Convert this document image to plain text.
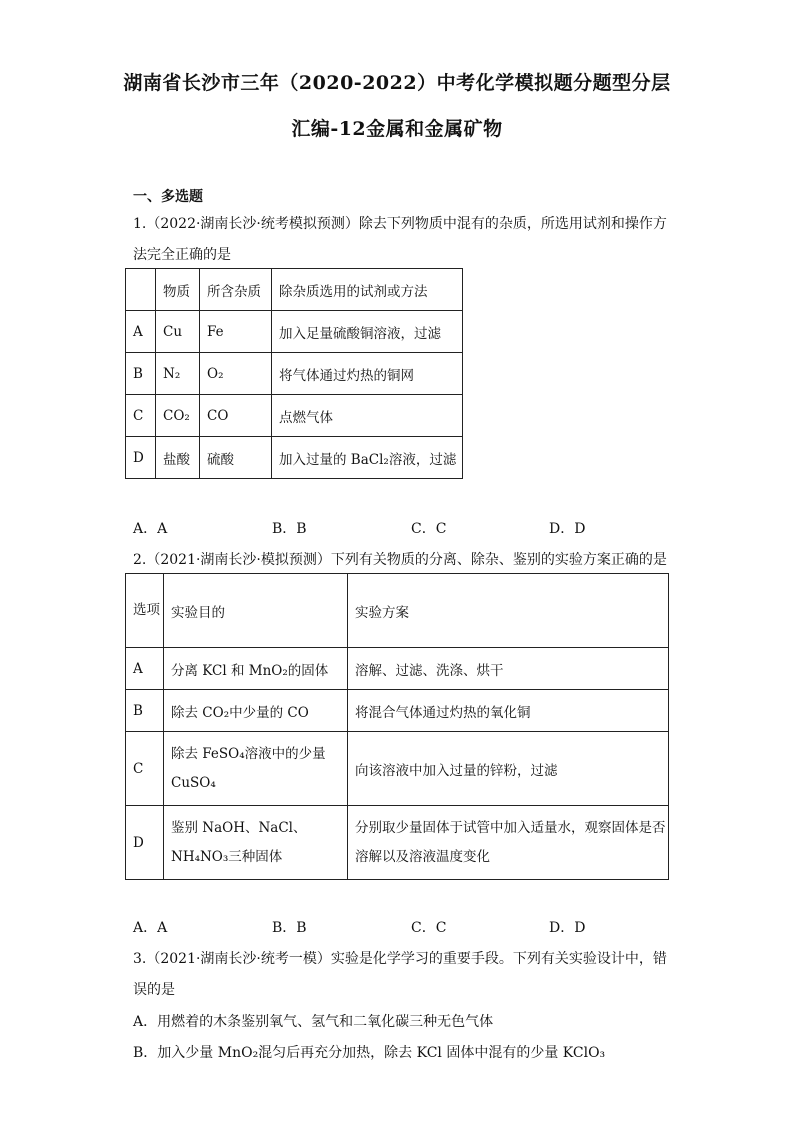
湖南省长沙市三年（2020-2022）中考化学模拟题分题型分层
汇编-12金属和金属矿物
一、多选题
1.（2022·湖南长沙·统考模拟预测）除去下列物质中混有的杂质，所选用试剂和操作方
法完全正确的是
	物质	所含杂质	除杂质选用的试剂或方法
A	Cu	Fe	加入足量硫酸铜溶液，过滤
B	N₂	O₂	将气体通过灼热的铜网
C	CO₂	CO	点燃气体
D	盐酸	硫酸	加入过量的 BaCl₂溶液，过滤
A．A	B．B	C．C	D．D
2.（2021·湖南长沙·模拟预测）下列有关物质的分离、除杂、鉴别的实验方案正确的是
选项	实验目的	实验方案
A	分离 KCl 和 MnO₂的固体	溶解、过滤、洗涤、烘干
B	除去 CO₂中少量的 CO	将混合气体通过灼热的氧化铜
C	除去 FeSO₄溶液中的少量CuSO₄	向该溶液中加入过量的锌粉，过滤
D	鉴别 NaOH、NaCl、NH₄NO₃三种固体	分别取少量固体于试管中加入适量水，观察固体是否溶解以及溶液温度变化
A．A	B．B	C．C	D．D
3.（2021·湖南长沙·统考一模）实验是化学学习的重要手段。下列有关实验设计中，错
误的是
A．用燃着的木条鉴别氧气、氢气和二氧化碳三种无色气体
B．加入少量 MnO₂混匀后再充分加热，除去 KCl 固体中混有的少量 KClO₃
